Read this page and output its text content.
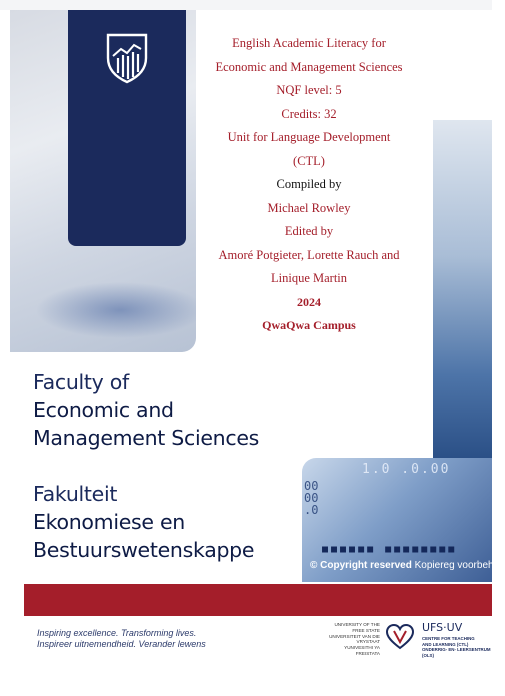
1.0 .0.00
00
00
.0
■■■■■■ ■■■■■■■■
© Copyright reserved Kopiereg voorbehou
English Academic Literacy for
Economic and Management Sciences
NQF level: 5
Credits: 32
Unit for Language Development
(CTL)
Compiled by
Michael Rowley
Edited by
Amoré Potgieter, Lorette Rauch and
Linique Martin
2024
QwaQwa Campus
Faculty of
Economic and
Management Sciences
Fakulteit
Ekonomiese en
Bestuurswetenskappe
Inspiring excellence. Transforming lives.
Inspireer uitnemendheid. Verander lewens
UNIVERSITY OF THE
FREE STATE
UNIVERSITEIT VAN DIE
VRYSTAAT
YUNIVESITHI YA
FREISTATA
UFS·UV
CENTRE FOR TEACHING
AND LEARNING (CTL)
ONDERRIG- EN- LEERSENTRUM
(OLS)
